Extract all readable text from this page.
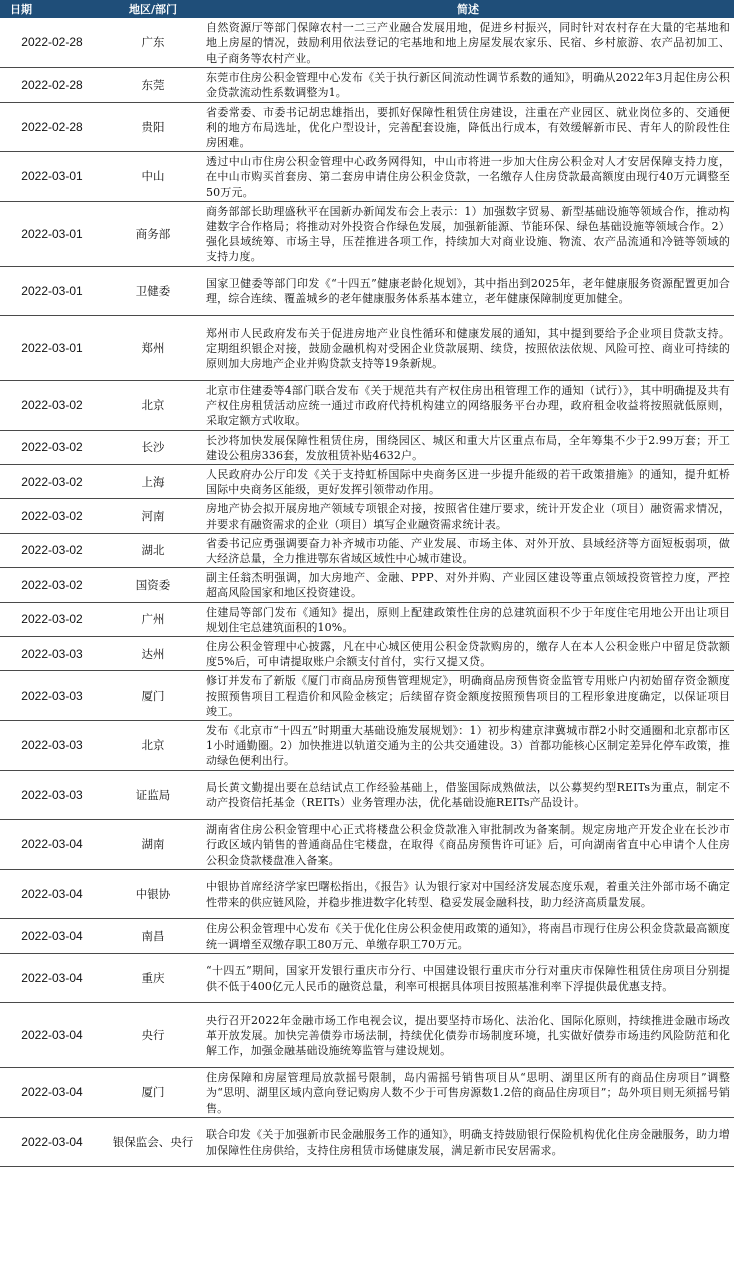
日期	地区/部门	简述
2022-02-28	广东	自然资源厅等部门保障农村一二三产业融合发展用地，促进乡村振兴，同时针对农村存在大量的宅基地和地上房屋的情况，鼓励利用依法登记的宅基地和地上房屋发展农家乐、民宿、乡村旅游、农产品初加工、电子商务等农村产业。
2022-02-28	东莞	东莞市住房公积金管理中心发布《关于执行新区间流动性调节系数的通知》，明确从2022年3月起住房公积金贷款流动性系数调整为1。
2022-02-28	贵阳	省委常委、市委书记胡忠雄指出，要抓好保障性租赁住房建设，注重在产业园区、就业岗位多的、交通便利的地方布局选址，优化户型设计，完善配套设施，降低出行成本，有效缓解新市民、青年人的阶段性住房困难。
2022-03-01	中山	透过中山市住房公积金管理中心政务网得知，中山市将进一步加大住房公积金对人才安居保障支持力度，在中山市购买首套房、第二套房申请住房公积金贷款，一名缴存人住房贷款最高额度由现行40万元调整至50万元。
2022-03-01	商务部	商务部部长助理盛秋平在国新办新闻发布会上表示：1）加强数字贸易、新型基础设施等领域合作，推动构建数字合作格局；将推动对外投资合作绿色发展，加强新能源、节能环保、绿色基础设施等领域合作。2）强化县域统筹、市场主导，压茬推进各项工作，持续加大对商业设施、物流、农产品流通和冷链等领域的支持力度。
2022-03-01	卫健委	国家卫健委等部门印发《“十四五”健康老龄化规划》，其中指出到2025年，老年健康服务资源配置更加合理，综合连续、覆盖城乡的老年健康服务体系基本建立，老年健康保障制度更加健全。
2022-03-01	郑州	郑州市人民政府发布关于促进房地产业良性循环和健康发展的通知，其中提到要给予企业项目贷款支持。定期组织银企对接，鼓励金融机构对受困企业贷款展期、续贷，按照依法依规、风险可控、商业可持续的原则加大房地产企业并购贷款支持等19条新规。
2022-03-02	北京	北京市住建委等4部门联合发布《关于规范共有产权住房出租管理工作的通知（试行）》，其中明确提及共有产权住房租赁活动应统一通过市政府代持机构建立的网络服务平台办理，政府租金收益将按照就低原则，采取定额方式收取。
2022-03-02	长沙	长沙将加快发展保障性租赁住房，围绕园区、城区和重大片区重点布局，全年筹集不少于2.99万套；开工建设公租房336套，发放租赁补贴4632户。
2022-03-02	上海	人民政府办公厅印发《关于支持虹桥国际中央商务区进一步提升能级的若干政策措施》的通知，提升虹桥国际中央商务区能级，更好发挥引领带动作用。
2022-03-02	河南	房地产协会拟开展房地产领域专项银企对接，按照省住建厅要求，统计开发企业（项目）融资需求情况，并要求有融资需求的企业（项目）填写企业融资需求统计表。
2022-03-02	湖北	省委书记应勇强调要奋力补齐城市功能、产业发展、市场主体、对外开放、县域经济等方面短板弱项，做大经济总量，全力推进鄂东省域区域性中心城市建设。
2022-03-02	国资委	副主任翁杰明强调，加大房地产、金融、PPP、对外并购、产业园区建设等重点领域投资管控力度，严控超高风险国家和地区投资建设。
2022-03-02	广州	住建局等部门发布《通知》提出，原则上配建政策性住房的总建筑面积不少于年度住宅用地公开出让项目规划住宅总建筑面积的10%。
2022-03-03	达州	住房公积金管理中心披露，凡在中心城区使用公积金贷款购房的，缴存人在本人公积金账户中留足贷款额度5%后，可申请提取账户余额支付首付，实行又提又贷。
2022-03-03	厦门	修订并发布了新版《厦门市商品房预售管理规定》，明确商品房预售资金监管专用账户内初始留存资金额度按照预售项目工程造价和风险金核定；后续留存资金额度按照预售项目的工程形象进度确定，以保证项目竣工。
2022-03-03	北京	发布《北京市“十四五”时期重大基础设施发展规划》：1）初步构建京津冀城市群2小时交通圈和北京都市区1小时通勤圈。2）加快推进以轨道交通为主的公共交通建设。3）首都功能核心区制定差异化停车政策，推动绿色便利出行。
2022-03-03	证监局	局长黄文勤提出要在总结试点工作经验基础上，借鉴国际成熟做法，以公募契约型REITs为重点，制定不动产投资信托基金（REITs）业务管理办法，优化基础设施REITs产品设计。
2022-03-04	湖南	湖南省住房公积金管理中心正式将楼盘公积金贷款准入审批制改为备案制。规定房地产开发企业在长沙市行政区域内销售的普通商品住宅楼盘，在取得《商品房预售许可证》后，可向湖南省直中心申请个人住房公积金贷款楼盘准入备案。
2022-03-04	中银协	中银协首席经济学家巴曙松指出，《报告》认为银行家对中国经济发展态度乐观，着重关注外部市场不确定性带来的供应链风险，并稳步推进数字化转型、稳妥发展金融科技，助力经济高质量发展。
2022-03-04	南昌	住房公积金管理中心发布《关于优化住房公积金使用政策的通知》，将南昌市现行住房公积金贷款最高额度统一调增至双缴存职工80万元、单缴存职工70万元。
2022-03-04	重庆	“十四五”期间，国家开发银行重庆市分行、中国建设银行重庆市分行对重庆市保障性租赁住房项目分别提供不低于400亿元人民币的融资总量，利率可根据具体项目按照基准利率下浮提供最优惠支持。
2022-03-04	央行	央行召开2022年金融市场工作电视会议，提出要坚持市场化、法治化、国际化原则，持续推进金融市场改革开放发展。加快完善债券市场法制，持续优化债券市场制度环境，扎实做好债券市场违约风险防范和化解工作，加强金融基础设施统筹监管与建设规划。
2022-03-04	厦门	住房保障和房屋管理局放款摇号限制，岛内需摇号销售项目从“思明、湖里区所有的商品住房项目”调整为“思明、湖里区域内意向登记购房人数不少于可售房源数1.2倍的商品住房项目”；岛外项目则无须摇号销售。
2022-03-04	银保监会、央行	联合印发《关于加强新市民金融服务工作的通知》，明确支持鼓励银行保险机构优化住房金融服务，助力增加保障性住房供给，支持住房租赁市场健康发展，满足新市民安居需求。
